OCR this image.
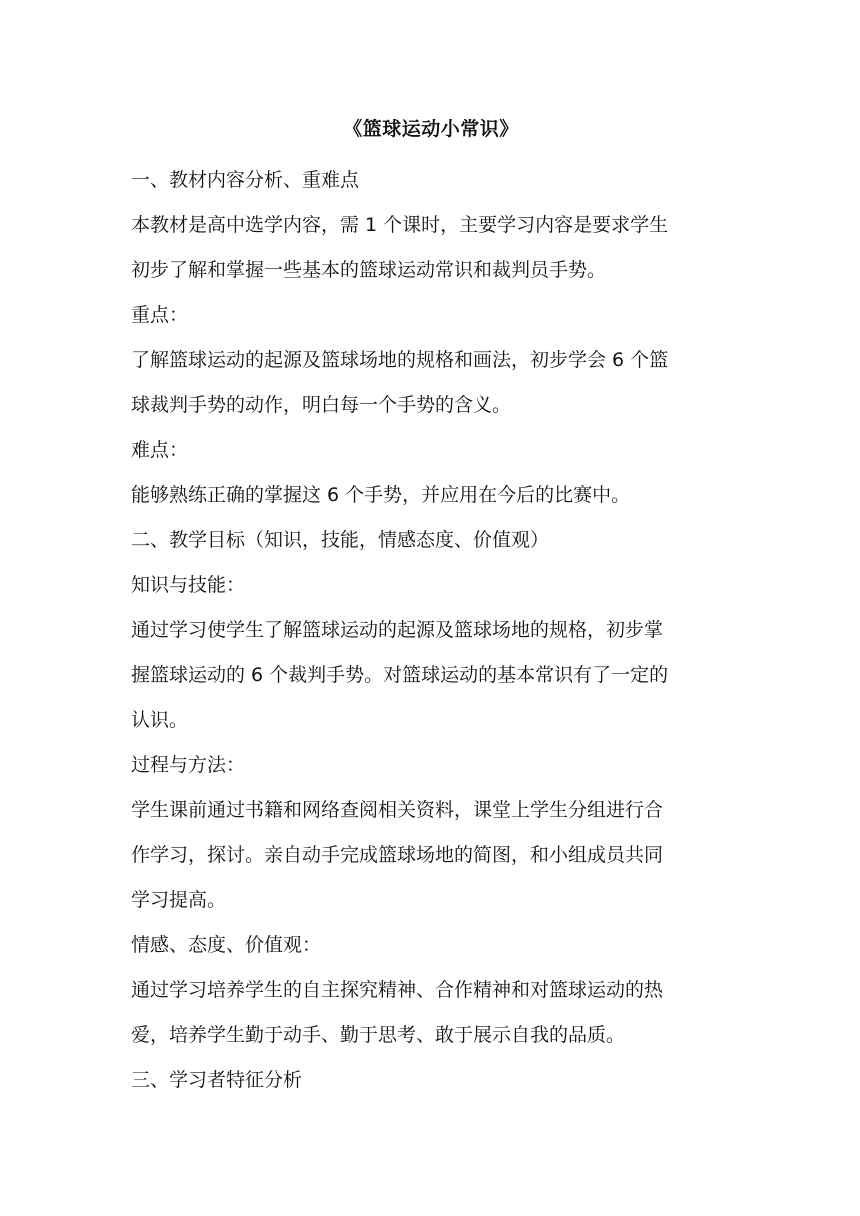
《篮球运动小常识》

一、教材内容分析、重难点

本教材是高中选学内容，需 1 个课时，主要学习内容是要求学生
初步了解和掌握一些基本的篮球运动常识和裁判员手势。

重点：

了解篮球运动的起源及篮球场地的规格和画法，初步学会 6 个篮
球裁判手势的动作，明白每一个手势的含义。

难点：

能够熟练正确的掌握这 6 个手势，并应用在今后的比赛中。

二、教学目标（知识，技能，情感态度、价值观）

知识与技能：

通过学习使学生了解篮球运动的起源及篮球场地的规格，初步掌
握篮球运动的 6 个裁判手势。对篮球运动的基本常识有了一定的
认识。

过程与方法：

学生课前通过书籍和网络查阅相关资料，课堂上学生分组进行合
作学习，探讨。亲自动手完成篮球场地的简图，和小组成员共同
学习提高。

情感、态度、价值观：

通过学习培养学生的自主探究精神、合作精神和对篮球运动的热
爱，培养学生勤于动手、勤于思考、敢于展示自我的品质。

三、学习者特征分析
